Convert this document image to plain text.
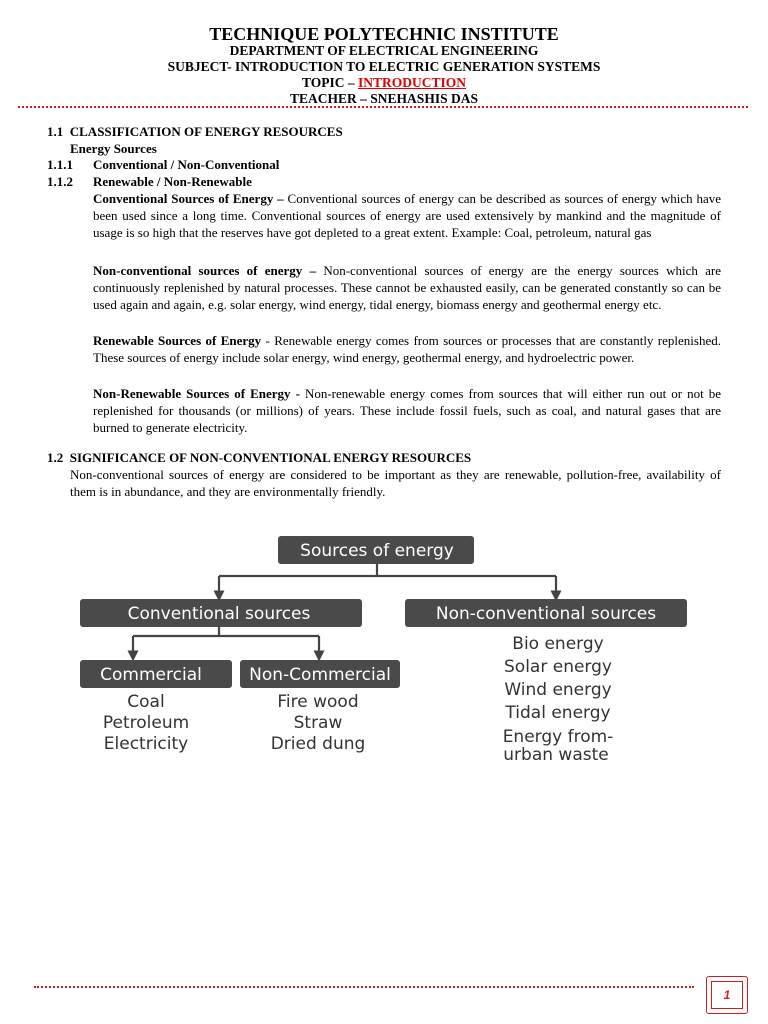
TECHNIQUE POLYTECHNIC INSTITUTE
DEPARTMENT OF ELECTRICAL ENGINEERING
SUBJECT- INTRODUCTION TO ELECTRIC GENERATION SYSTEMS
TOPIC – INTRODUCTION
TEACHER – SNEHASHIS DAS
1.1 CLASSIFICATION OF ENERGY RESOURCES
Energy Sources
1.1.1 Conventional / Non-Conventional
1.1.2 Renewable / Non-Renewable
Conventional Sources of Energy – Conventional sources of energy can be described as sources of energy which have been used since a long time. Conventional sources of energy are used extensively by mankind and the magnitude of usage is so high that the reserves have got depleted to a great extent. Example: Coal, petroleum, natural gas
Non-conventional sources of energy – Non-conventional sources of energy are the energy sources which are continuously replenished by natural processes. These cannot be exhausted easily, can be generated constantly so can be used again and again, e.g. solar energy, wind energy, tidal energy, biomass energy and geothermal energy etc.
Renewable Sources of Energy - Renewable energy comes from sources or processes that are constantly replenished. These sources of energy include solar energy, wind energy, geothermal energy, and hydroelectric power.
Non-Renewable Sources of Energy - Non-renewable energy comes from sources that will either run out or not be replenished for thousands (or millions) of years. These include fossil fuels, such as coal, and natural gases that are burned to generate electricity.
1.2 SIGNIFICANCE OF NON-CONVENTIONAL ENERGY RESOURCES
Non-conventional sources of energy are considered to be important as they are renewable, pollution-free, availability of them is in abundance, and they are environmentally friendly.
Sources of energy
Conventional sources	Non-conventional sources
Commercial	Non-Commercial
Coal
Petroleum
Electricity
Fire wood
Straw
Dried dung
Bio energy
Solar energy
Wind energy
Tidal energy
Energy from-
urban waste
1
